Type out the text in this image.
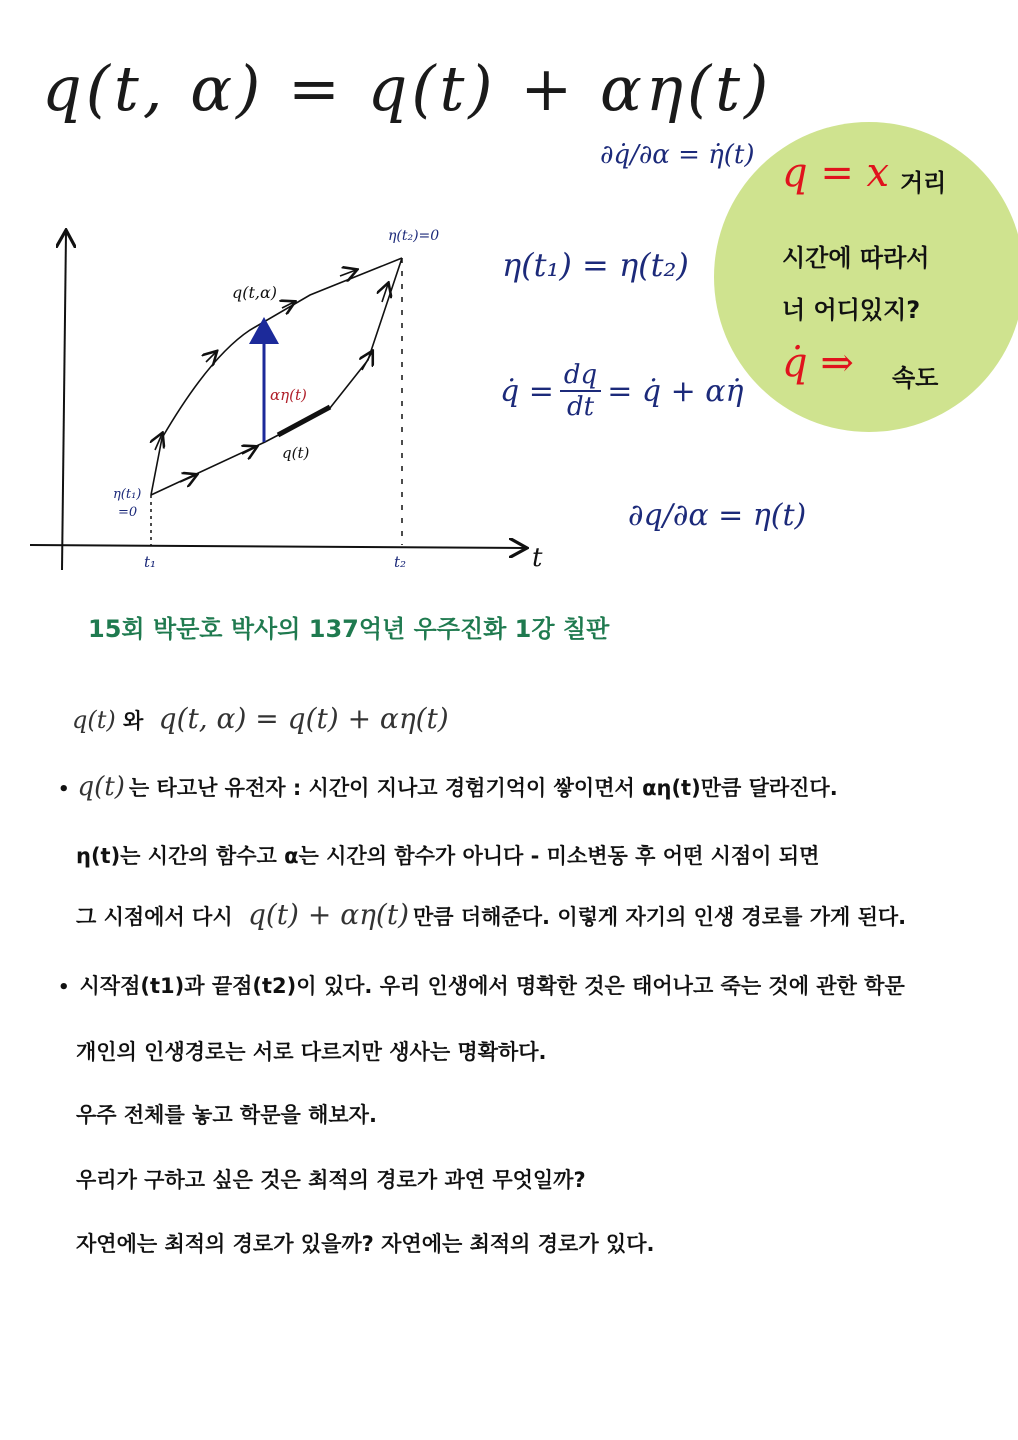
q(t, α) = q(t) + αη(t)
∂q̇/∂α = η̇(t)
η(t₁) = η(t₂)
q̇ = $\frac{dq}{dt}$ = q̇ + αη̇
∂q/∂α = η(t)
η(t₂)=0
q(t,α)
αη(t)
q(t)
η(t₁)
=0
t₁	t₂	t
q = x 거리
시간에 따라서
너 어디있지?
q̇ ⇒ 속도
15회 박문호 박사의 137억년 우주진화 1강 칠판
q(t) 와 q(t, α) = q(t) + αη(t)
• q(t) 는 타고난 유전자 : 시간이 지나고 경험기억이 쌓이면서 αη(t)만큼 달라진다.
η(t)는 시간의 함수고 α는 시간의 함수가 아니다 - 미소변동 후 어떤 시점이 되면
그 시점에서 다시 q(t) + αη(t) 만큼 더해준다. 이렇게 자기의 인생 경로를 가게 된다.
• 시작점(t1)과 끝점(t2)이 있다. 우리 인생에서 명확한 것은 태어나고 죽는 것에 관한 학문
개인의 인생경로는 서로 다르지만 생사는 명확하다.
우주 전체를 놓고 학문을 해보자.
우리가 구하고 싶은 것은 최적의 경로가 과연 무엇일까?
자연에는 최적의 경로가 있을까? 자연에는 최적의 경로가 있다.
